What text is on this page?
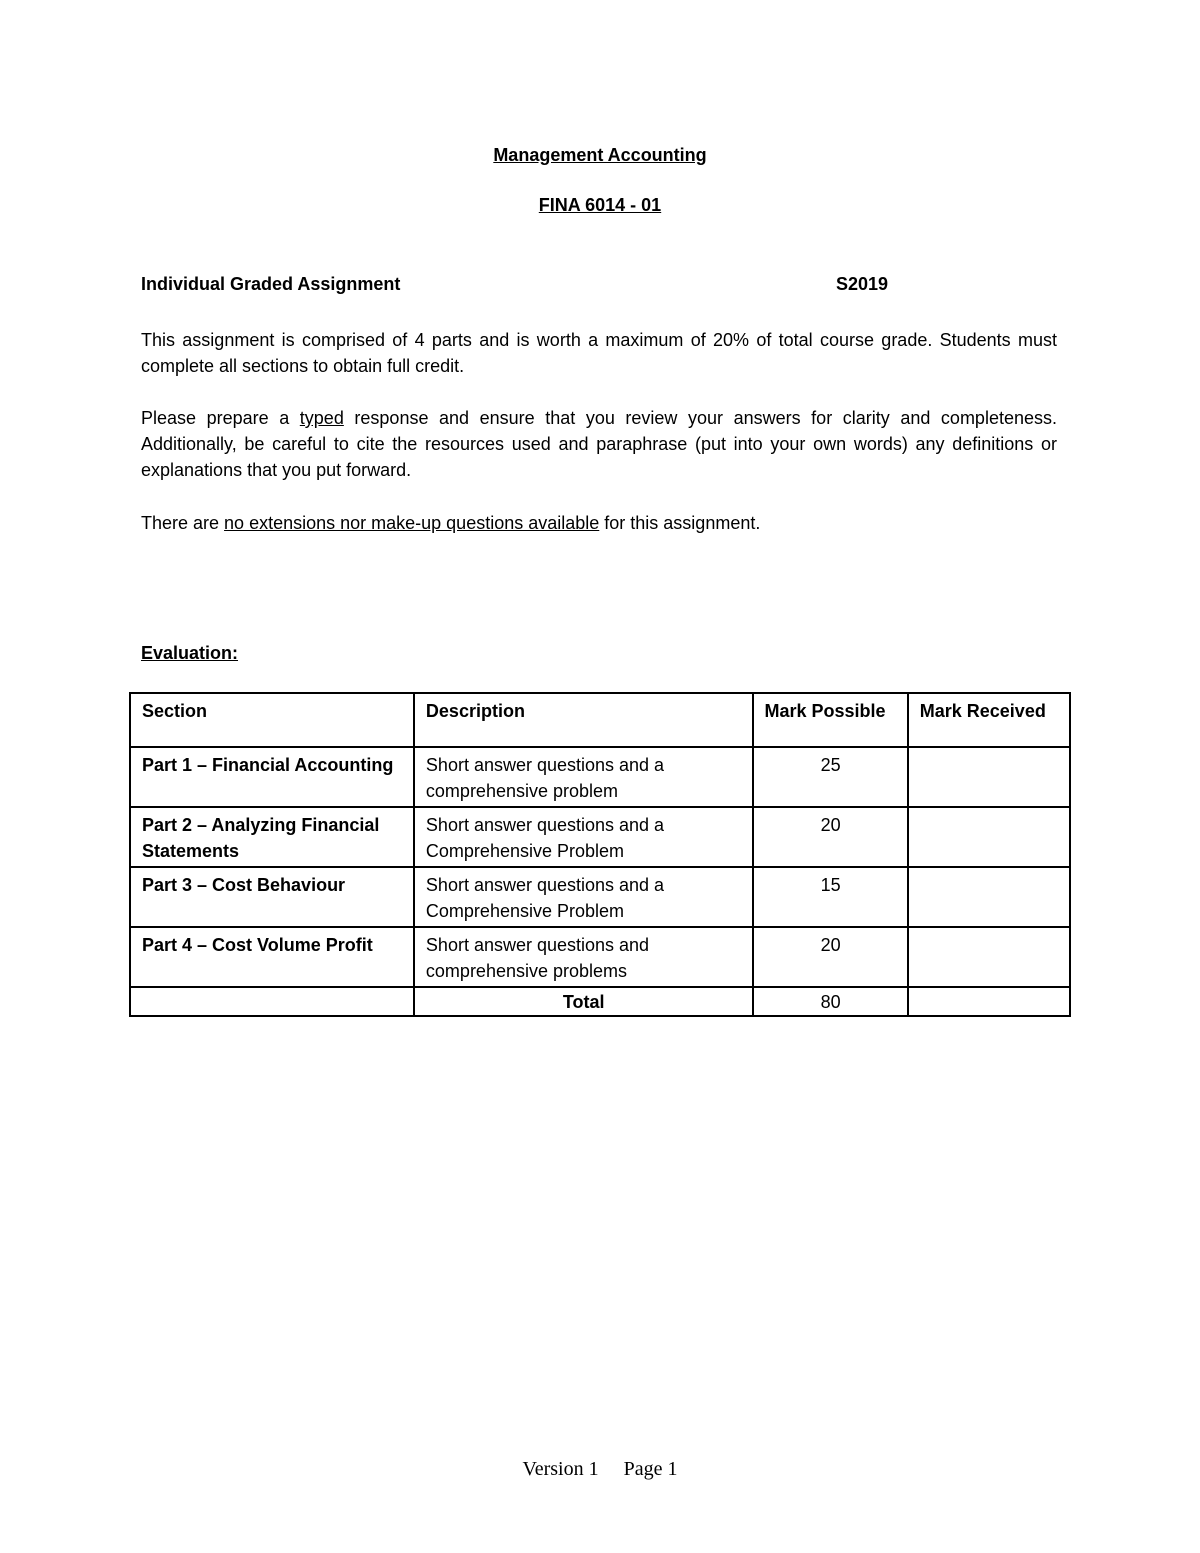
Management Accounting
FINA 6014 - 01
Individual Graded Assignment	S2019
This assignment is comprised of 4 parts and is worth a maximum of 20% of total course grade. Students must complete all sections to obtain full credit.
Please prepare a typed response and ensure that you review your answers for clarity and completeness. Additionally, be careful to cite the resources used and paraphrase (put into your own words) any definitions or explanations that you put forward.
There are no extensions nor make-up questions available for this assignment.
Evaluation:
Section	Description	Mark Possible	Mark Received
Part 1 – Financial Accounting	Short answer questions and a comprehensive problem	25	
Part 2 – Analyzing Financial Statements	Short answer questions and a Comprehensive Problem	20	
Part 3 – Cost Behaviour	Short answer questions and a Comprehensive Problem	15	
Part 4 – Cost Volume Profit	Short answer questions and comprehensive problems	20	
	Total	80	
Version 1 Page 1
